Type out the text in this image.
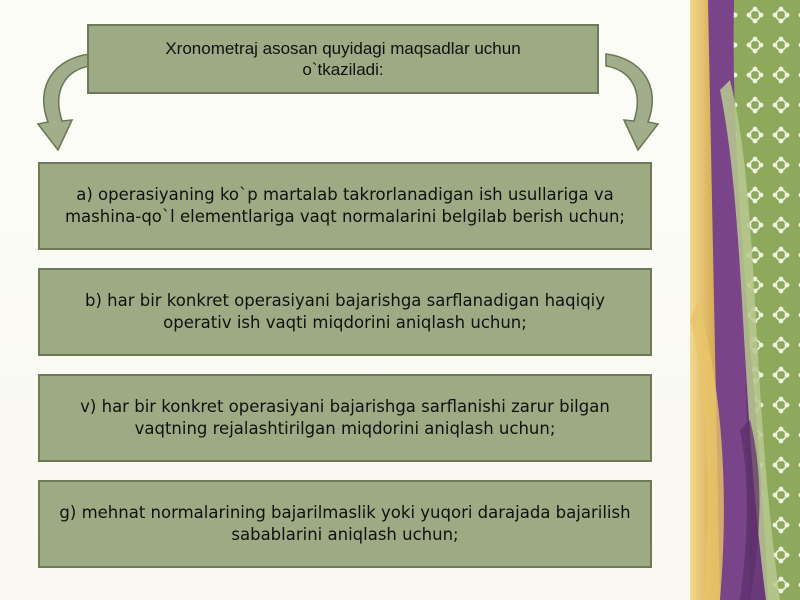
Xronometraj asosan quyidagi maqsadlar uchun o`tkaziladi:
a) operasiyaning ko`p martalab takrorlanadigan ish usullariga va mashina-qo`l elementlariga vaqt normalarini belgilab berish uchun;
b) har bir konkret operasiyani bajarishga sarflanadigan haqiqiy operativ ish vaqti miqdorini aniqlash uchun;
v) har bir konkret operasiyani bajarishga sarflanishi zarur bilgan vaqtning rejalashtirilgan miqdorini aniqlash uchun;
g) mehnat normalarining bajarilmaslik yoki yuqori darajada bajarilish sabablarini aniqlash uchun;
